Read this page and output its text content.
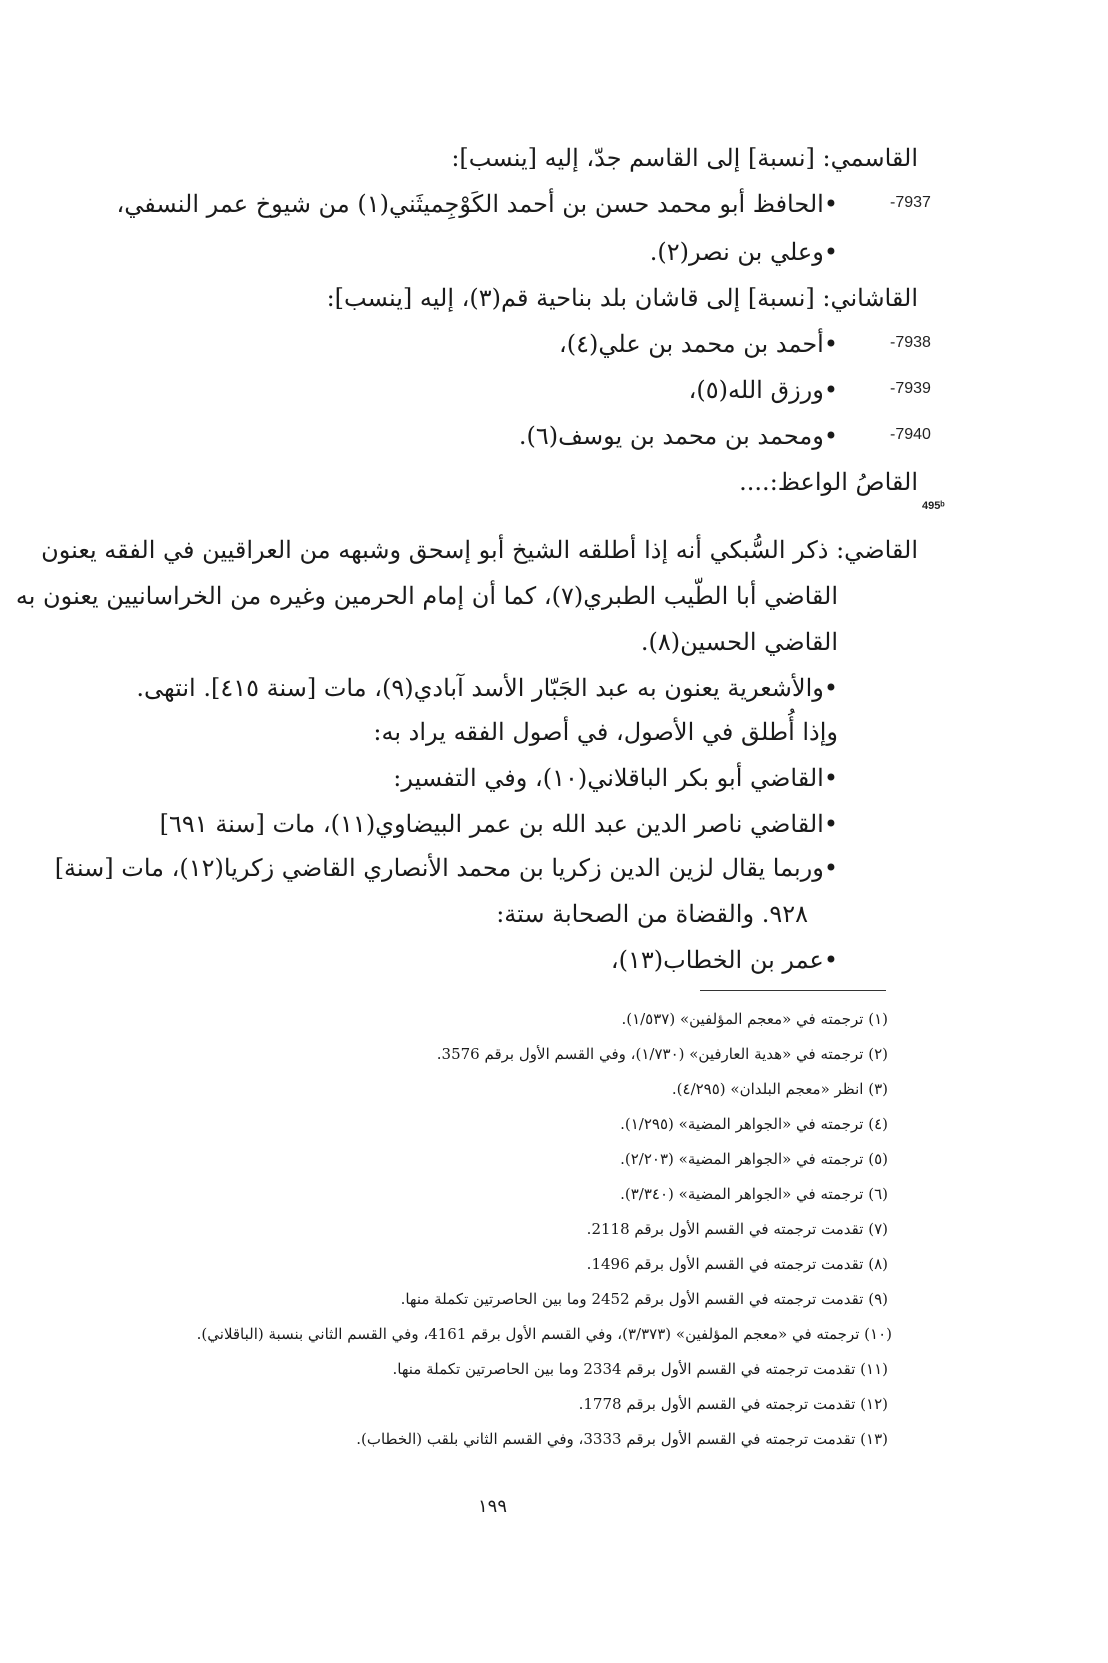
القاسمي: [نسبة] إلى القاسم جدّ، إليه [ينسب]:
•الحافظ أبو محمد حسن بن أحمد الكَوْجِميثَني(١) من شيوخ عمر النسفي،
•وعلي بن نصر(٢).
القاشاني: [نسبة] إلى قاشان بلد بناحية قم(٣)، إليه [ينسب]:
•أحمد بن محمد بن علي(٤)،
•ورزق الله(٥)،
•ومحمد بن محمد بن يوسف(٦).
القاصُ الواعظ:....
القاضي: ذكر السُّبكي أنه إذا أطلقه الشيخ أبو إسحق وشبهه من العراقيين في الفقه يعنون
القاضي أبا الطّيب الطبري(٧)، كما أن إمام الحرمين وغيره من الخراسانيين يعنون به
القاضي الحسين(٨).
•والأشعرية يعنون به عبد الجَبّار الأسد آبادي(٩)، مات [سنة ٤١٥]. انتهى.
وإذا أُطلق في الأصول، في أصول الفقه يراد به:
•القاضي أبو بكر الباقلاني(١٠)، وفي التفسير:
•القاضي ناصر الدين عبد الله بن عمر البيضاوي(١١)، مات [سنة ٦٩١]
•وربما يقال لزين الدين زكريا بن محمد الأنصاري القاضي زكريا(١٢)، مات [سنة]
٩٢٨. والقضاة من الصحابة ستة:
•عمر بن الخطاب(١٣)،
-7937
-7938
-7939
-7940
495ᵇ
(١) ترجمته في «معجم المؤلفين» (١/٥٣٧).
(٢) ترجمته في «هدية العارفين» (١/٧٣٠)، وفي القسم الأول برقم 3576.
(٣) انظر «معجم البلدان» (٤/٢٩٥).
(٤) ترجمته في «الجواهر المضية» (١/٢٩٥).
(٥) ترجمته في «الجواهر المضية» (٢/٢٠٣).
(٦) ترجمته في «الجواهر المضية» (٣/٣٤٠).
(٧) تقدمت ترجمته في القسم الأول برقم 2118.
(٨) تقدمت ترجمته في القسم الأول برقم 1496.
(٩) تقدمت ترجمته في القسم الأول برقم 2452 وما بين الحاصرتين تكملة منها.
(١٠) ترجمته في «معجم المؤلفين» (٣/٣٧٣)، وفي القسم الأول برقم 4161، وفي القسم الثاني بنسبة (الباقلاني).
(١١) تقدمت ترجمته في القسم الأول برقم 2334 وما بين الحاصرتين تكملة منها.
(١٢) تقدمت ترجمته في القسم الأول برقم 1778.
(١٣) تقدمت ترجمته في القسم الأول برقم 3333، وفي القسم الثاني بلقب (الخطاب).
١٩٩
